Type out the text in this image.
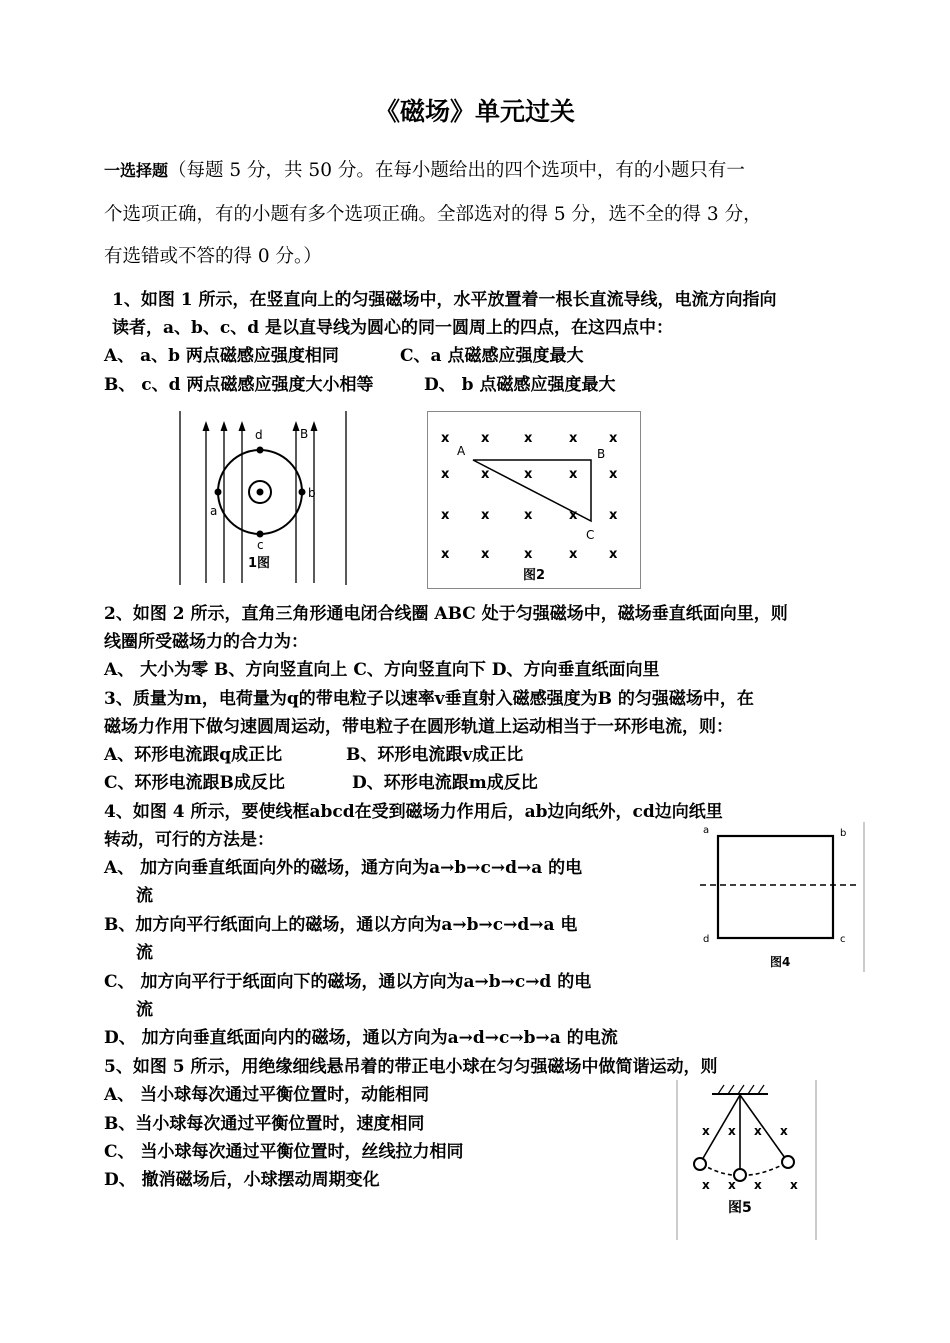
《磁场》单元过关
一选择题（每题 5 分，共 50 分。在每小题给出的四个选项中，有的小题只有一
个选项正确，有的小题有多个选项正确。全部选对的得 5 分，选不全的得 3 分，
有选错或不答的得 0 分。）
1、如图 1 所示，在竖直向上的匀强磁场中，水平放置着一根长直流导线，电流方向指向
读者，a、b、c、d 是以直导线为圆心的同一圆周上的四点，在这四点中：
A、 a、b 两点磁感应强度相同	C、a 点磁感应强度最大
B、 c、d 两点磁感应强度大小相等	D、 b 点磁感应强度最大
d	B
a
b
c
1图
x x	x	x x
x x	x	x x
x x	x	x x
x x	x	x x
A	B
C
图2
2、如图 2 所示，直角三角形通电闭合线圈 ABC 处于匀强磁场中，磁场垂直纸面向里，则
线圈所受磁场力的合力为：
A、 大小为零 B、方向竖直向上 C、方向竖直向下 D、方向垂直纸面向里
3、质量为m，电荷量为q的带电粒子以速率v垂直射入磁感强度为B 的匀强磁场中，在
磁场力作用下做匀速圆周运动，带电粒子在圆形轨道上运动相当于一环形电流，则：
A、环形电流跟q成正比	B、环形电流跟v成正比
C、环形电流跟B成反比	D、环形电流跟m成反比
4、如图 4 所示，要使线框abcd在受到磁场力作用后，ab边向纸外，cd边向纸里
转动，可行的方法是：
A、 加方向垂直纸面向外的磁场，通方向为a→b→c→d→a 的电
流
B、加方向平行纸面向上的磁场，通以方向为a→b→c→d→a 电
流
C、 加方向平行于纸面向下的磁场，通以方向为a→b→c→d 的电
流
D、 加方向垂直纸面向内的磁场，通以方向为a→d→c→b→a 的电流
a	b
c
d
图4
5、如图 5 所示，用绝缘细线悬吊着的带正电小球在匀匀强磁场中做简谐运动，则
A、 当小球每次通过平衡位置时，动能相同
B、当小球每次通过平衡位置时，速度相同
C、 当小球每次通过平衡位置时，丝线拉力相同
D、 撤消磁场后，小球摆动周期变化
x x x x
x x x x
图5
